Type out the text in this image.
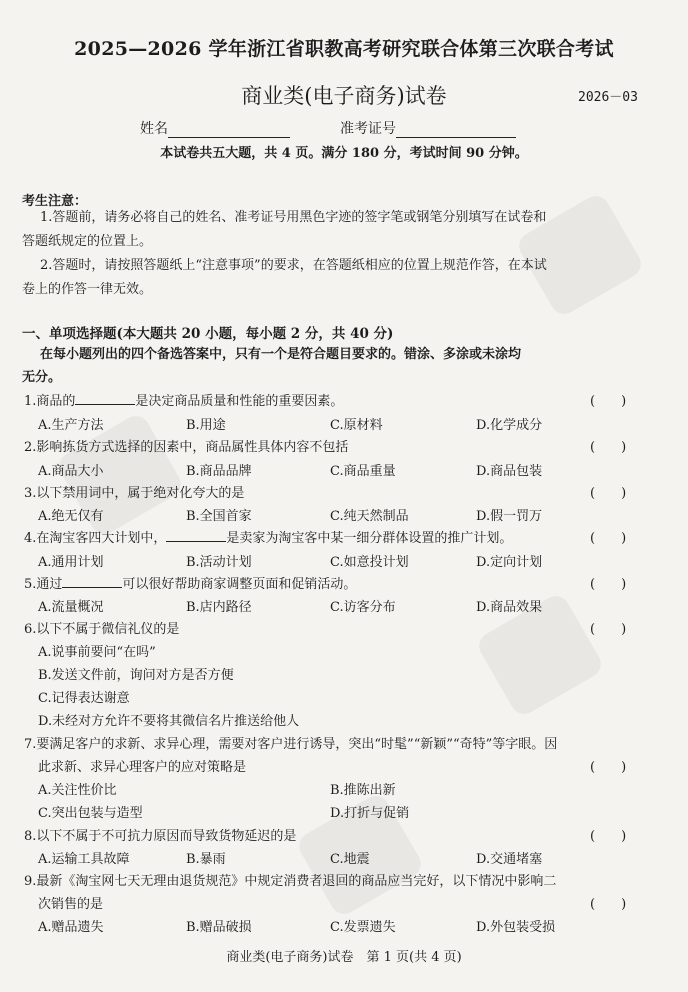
2025—2026 学年浙江省职教高考研究联合体第三次联合考试
商业类(电子商务)试卷	2026－03
姓名	准考证号
本试卷共五大题，共 4 页。满分 180 分，考试时间 90 分钟。
考生注意：
1.答题前，请务必将自己的姓名、准考证号用黑色字迹的签字笔或钢笔分别填写在试卷和
答题纸规定的位置上。
2.答题时，请按照答题纸上“注意事项”的要求，在答题纸相应的位置上规范作答，在本试
卷上的作答一律无效。
一、单项选择题(本大题共 20 小题，每小题 2 分，共 40 分)
在每小题列出的四个备选答案中，只有一个是符合题目要求的。错涂、多涂或未涂均
无分。
1.商品的	是决定商品质量和性能的重要因素。	(　　)
A.生产方法	B.用途	C.原材料	D.化学成分
2.影响拣货方式选择的因素中，商品属性具体内容不包括	(　　)
A.商品大小	B.商品品牌	C.商品重量	D.商品包装
3.以下禁用词中，属于绝对化夸大的是	(　　)
A.绝无仅有	B.全国首家	C.纯天然制品	D.假一罚万
4.在淘宝客四大计划中，	是卖家为淘宝客中某一细分群体设置的推广计划。	(　　)
A.通用计划	B.活动计划	C.如意投计划	D.定向计划
5.通过	可以很好帮助商家调整页面和促销活动。	(　　)
A.流量概况	B.店内路径	C.访客分布	D.商品效果
6.以下不属于微信礼仪的是	(　　)
A.说事前要问“在吗”
B.发送文件前，询问对方是否方便
C.记得表达谢意
D.未经对方允许不要将其微信名片推送给他人
7.要满足客户的求新、求异心理，需要对客户进行诱导，突出“时髦”“新颖”“奇特”等字眼。因
此求新、求异心理客户的应对策略是	(　　)
A.关注性价比	B.推陈出新
C.突出包装与造型	D.打折与促销
8.以下不属于不可抗力原因而导致货物延迟的是	(　　)
A.运输工具故障	B.暴雨	C.地震	D.交通堵塞
9.最新《淘宝网七天无理由退货规范》中规定消费者退回的商品应当完好，以下情况中影响二
次销售的是	(　　)
A.赠品遗失	B.赠品破损	C.发票遗失	D.外包装受损
商业类(电子商务)试卷　第 1 页(共 4 页)
